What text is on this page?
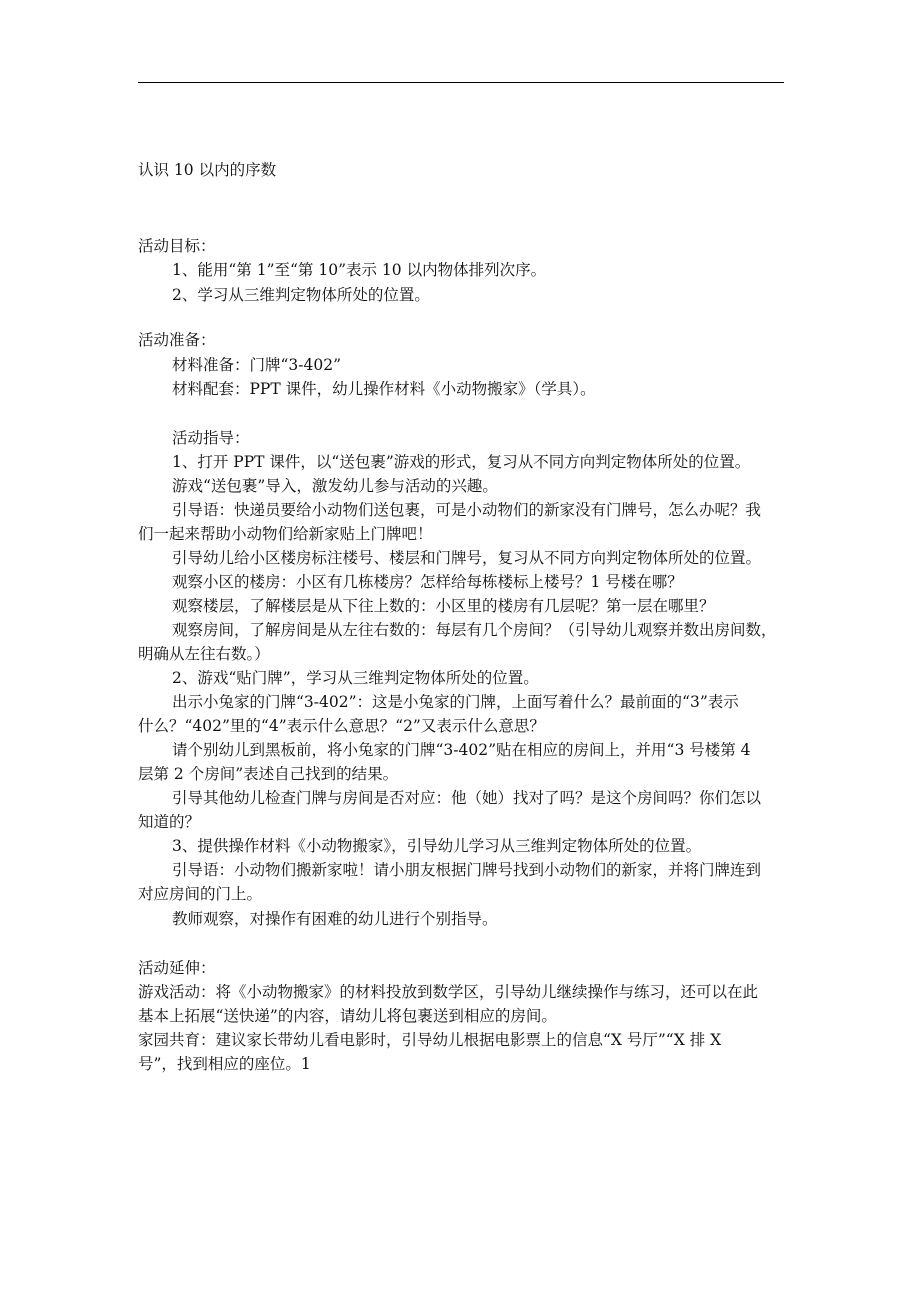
认识 10 以内的序数
活动目标：
1、能用“第 1”至“第 10”表示 10 以内物体排列次序。
2、学习从三维判定物体所处的位置。
活动准备：
材料准备：门牌“3-402”
材料配套：PPT 课件，幼儿操作材料《小动物搬家》（学具）。
活动指导：
1、打开 PPT 课件，以“送包裹”游戏的形式，复习从不同方向判定物体所处的位置。
游戏“送包裹”导入，激发幼儿参与活动的兴趣。
引导语：快递员要给小动物们送包裹，可是小动物们的新家没有门牌号，怎么办呢？我
们一起来帮助小动物们给新家贴上门牌吧！
引导幼儿给小区楼房标注楼号、楼层和门牌号，复习从不同方向判定物体所处的位置。
观察小区的楼房：小区有几栋楼房？怎样给每栋楼标上楼号？1 号楼在哪？
观察楼层，了解楼层是从下往上数的：小区里的楼房有几层呢？第一层在哪里？
观察房间，了解房间是从左往右数的：每层有几个房间？（引导幼儿观察并数出房间数，
明确从左往右数。）
2、游戏“贴门牌”，学习从三维判定物体所处的位置。
出示小兔家的门牌“3-402”：这是小兔家的门牌，上面写着什么？最前面的“3”表示
什么？“402”里的“4”表示什么意思？“2”又表示什么意思？
请个别幼儿到黑板前，将小兔家的门牌“3-402”贴在相应的房间上，并用“3 号楼第 4
层第 2 个房间”表述自己找到的结果。
引导其他幼儿检查门牌与房间是否对应：他（她）找对了吗？是这个房间吗？你们怎以
知道的？
3、提供操作材料《小动物搬家》，引导幼儿学习从三维判定物体所处的位置。
引导语：小动物们搬新家啦！请小朋友根据门牌号找到小动物们的新家，并将门牌连到
对应房间的门上。
教师观察，对操作有困难的幼儿进行个别指导。
活动延伸：
游戏活动：将《小动物搬家》的材料投放到数学区，引导幼儿继续操作与练习，还可以在此
基本上拓展“送快递”的内容，请幼儿将包裹送到相应的房间。
家园共育：建议家长带幼儿看电影时，引导幼儿根据电影票上的信息“X 号厅”“X 排 X
号”，找到相应的座位。1
